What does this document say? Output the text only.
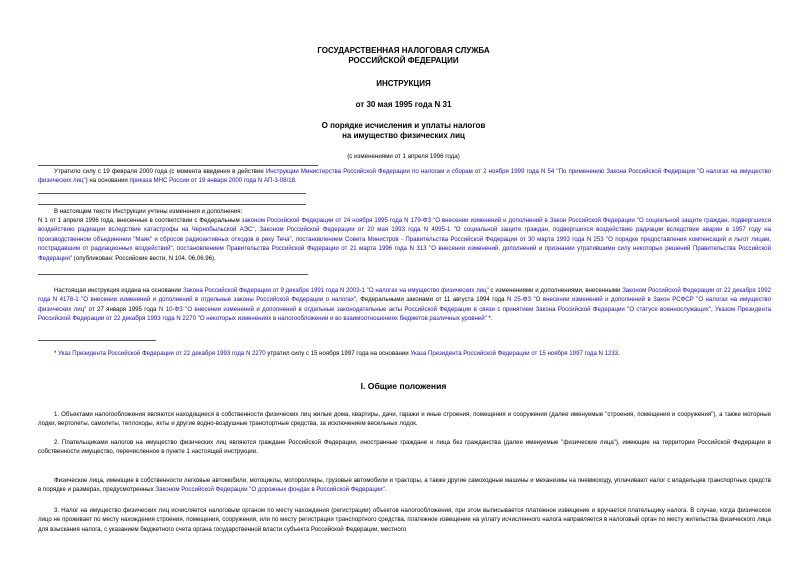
ГОСУДАРСТВЕННАЯ НАЛОГОВАЯ СЛУЖБА
РОССИЙСКОЙ ФЕДЕРАЦИИ
ИНСТРУКЦИЯ
от 30 мая 1995 года N 31
О порядке исчисления и уплаты налогов
на имущество физических лиц
(с изменениями от 1 апреля 1996 года)
Утратило силу с 19 февраля 2000 года (с момента введения в действие Инструкции Министерства Российской Федерации по налогам и сборам от 2 ноября 1999 года N 54 "По применению Закона Российской Федерации "О налогах на имущество физических лиц") на основании приказа МНС России от 19 января 2000 года N АП-3-08/18.
В настоящем тексте Инструкции учтены изменения и дополнения:
N 1 от 1 апреля 1996 года, внесенные в соответствии с Федеральным законом Российской Федерации от 24 ноября 1995 года N 179-ФЗ "О внесении изменений и дополнений в Закон Российской Федерации "О социальной защите граждан, подвергшихся воздействию радиации вследствие катастрофы на Чернобыльской АЭС", Законом Российской Федерации от 20 мая 1993 года N 4995-1 "О социальной защите граждан, подвергшихся воздействию радиации вследствие аварии в 1957 году на производственном объединении "Маяк" и сбросов радиоактивных отходов в реку Теча", постановлением Совета Министров - Правительства Российской Федерации от 30 марта 1993 года N 253 "О порядке предоставления компенсаций и льгот лицам, пострадавшим от радиационных воздействий", постановлением Правительства Российской Федерации от 21 марта 1996 года N 313 "О внесении изменений, дополнений и признании утратившими силу некоторых решений Правительства Российской Федерации" (опубликован: Российские вести, N 104, 06.06.96).
Настоящая инструкция издана на основании Закона Российской Федерации от 9 декабря 1991 года N 2003-1 "О налогах на имущество физических лиц" с изменениями и дополнениями, внесенными Законом Российской Федерации от 22 декабря 1992 года N 4178-1 "О внесении изменений и дополнений в отдельные законы Российской Федерации о налогах", Федеральными законами от 11 августа 1994 года N 25-ФЗ "О внесении изменений и дополнений в Закон РСФСР "О налогах на имущество физических лиц" от 27 января 1995 года N 10-ФЗ "О внесении изменений и дополнений в отдельные законодательные акты Российской Федерации в связи с принятием Закона Российской Федерации "О статусе военнослужащих", Указом Президента Российской Федерации от 22 декабря 1993 года N 2270 "О некоторых изменениях в налогообложении и во взаимоотношениях бюджетов различных уровней" *.
* Указ Президента Российской Федерации от 22 декабря 1993 года N 2270 утратил силу с 15 ноября 1997 года на основании Указа Президента Российской Федерации от 15 ноября 1997 года N 1233.
I. Общие положения
1. Объектами налогообложения являются находящиеся в собственности физических лиц жилые дома, квартиры, дачи, гаражи и иные строения, помещения и сооружения (далее именуемые "строения, помещения и сооружения"), а также моторные лодки, вертолеты, самолеты, теплоходы, яхты и другие водно-воздушные транспортные средства, за исключением весельных лодок.
2. Плательщиками налогов на имущество физических лиц являются граждане Российской Федерации, иностранные граждане и лица без гражданства (далее именуемые "физические лица"), имеющие на территории Российской Федерации в собственности имущество, перечисленное в пункте 1 настоящей инструкции.
Физические лица, имеющие в собственности легковые автомобили, мотоциклы, мотороллеры, грузовые автомобили и тракторы, а также другие самоходные машины и механизмы на пневмоходу, уплачивают налог с владельцев транспортных средств в порядке и размерах, предусмотренных Законом Российской Федерации "О дорожных фондах в Российской Федерации".
3. Налог на имущество физических лиц исчисляется налоговым органом по месту нахождения (регистрации) объектов налогообложения, при этом выписывается платежное извещение и вручается плательщику налога. В случае, когда физическое лицо не проживает по месту нахождения строения, помещения, сооружения, или по месту регистрации транспортного средства, платежное извещение на уплату исчисленного налога направляется в налоговый орган по месту жительства физического лица для взыскания налога, с указанием бюджетного счета органа государственной власти субъекта Российской Федерации, местного
